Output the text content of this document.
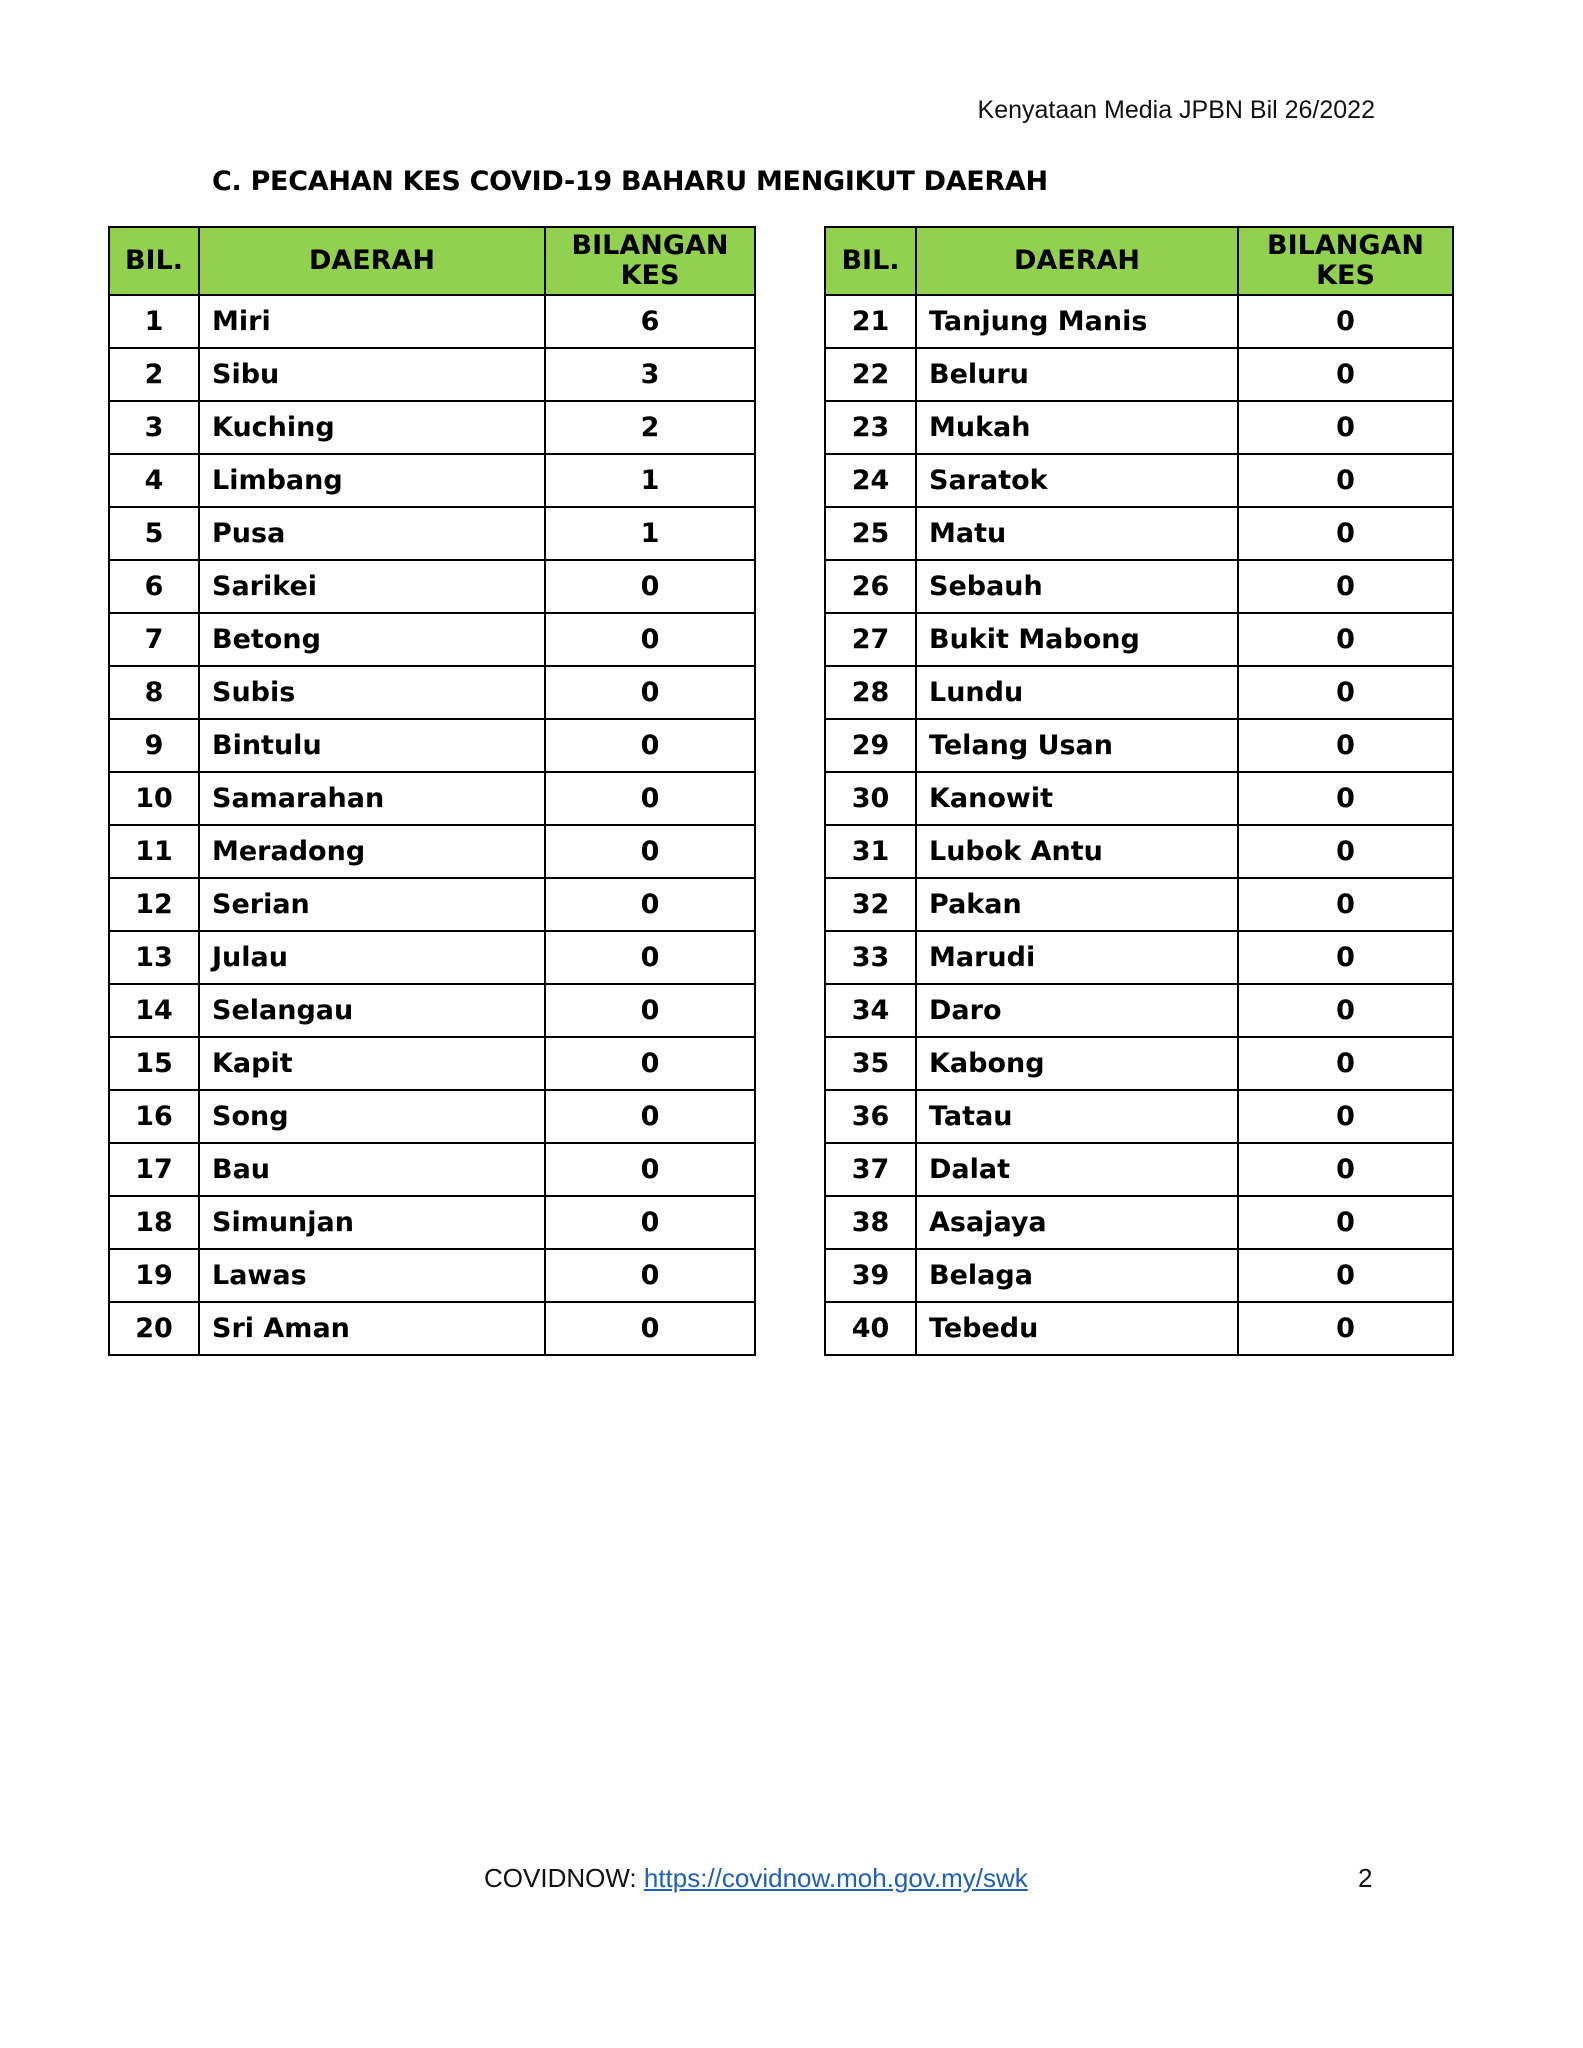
Kenyataan Media JPBN Bil 26/2022
C. PECAHAN KES COVID-19 BAHARU MENGIKUT DAERAH
BIL.	DAERAH	BILANGAN
KES
1	Miri	6
2	Sibu	3
3	Kuching	2
4	Limbang	1
5	Pusa	1
6	Sarikei	0
7	Betong	0
8	Subis	0
9	Bintulu	0
10	Samarahan	0
11	Meradong	0
12	Serian	0
13	Julau	0
14	Selangau	0
15	Kapit	0
16	Song	0
17	Bau	0
18	Simunjan	0
19	Lawas	0
20	Sri Aman	0
BIL.	DAERAH	BILANGAN
KES
21	Tanjung Manis	0
22	Beluru	0
23	Mukah	0
24	Saratok	0
25	Matu	0
26	Sebauh	0
27	Bukit Mabong	0
28	Lundu	0
29	Telang Usan	0
30	Kanowit	0
31	Lubok Antu	0
32	Pakan	0
33	Marudi	0
34	Daro	0
35	Kabong	0
36	Tatau	0
37	Dalat	0
38	Asajaya	0
39	Belaga	0
40	Tebedu	0
COVIDNOW: https://covidnow.moh.gov.my/swk	2
